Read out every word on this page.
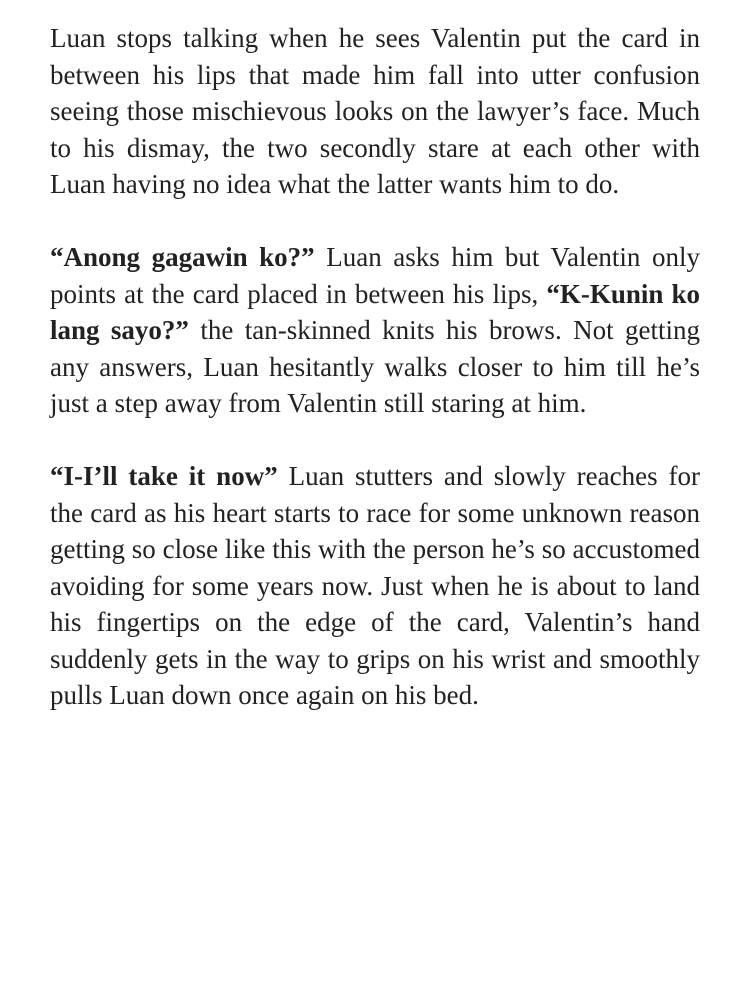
Luan stops talking when he sees Valentin put the card in between his lips that made him fall into utter confusion seeing those mischievous looks on the lawyer’s face. Much to his dismay, the two secondly stare at each other with Luan having no idea what the latter wants him to do.

“Anong gagawin ko?” Luan asks him but Valentin only points at the card placed in between his lips, “K-Kunin ko lang sayo?” the tan-skinned knits his brows. Not getting any answers, Luan hesitantly walks closer to him till he’s just a step away from Valentin still staring at him.

“I-I’ll take it now” Luan stutters and slowly reaches for the card as his heart starts to race for some unknown reason getting so close like this with the person he’s so accustomed avoiding for some years now. Just when he is about to land his fingertips on the edge of the card, Valentin’s hand suddenly gets in the way to grips on his wrist and smoothly pulls Luan down once again on his bed.
